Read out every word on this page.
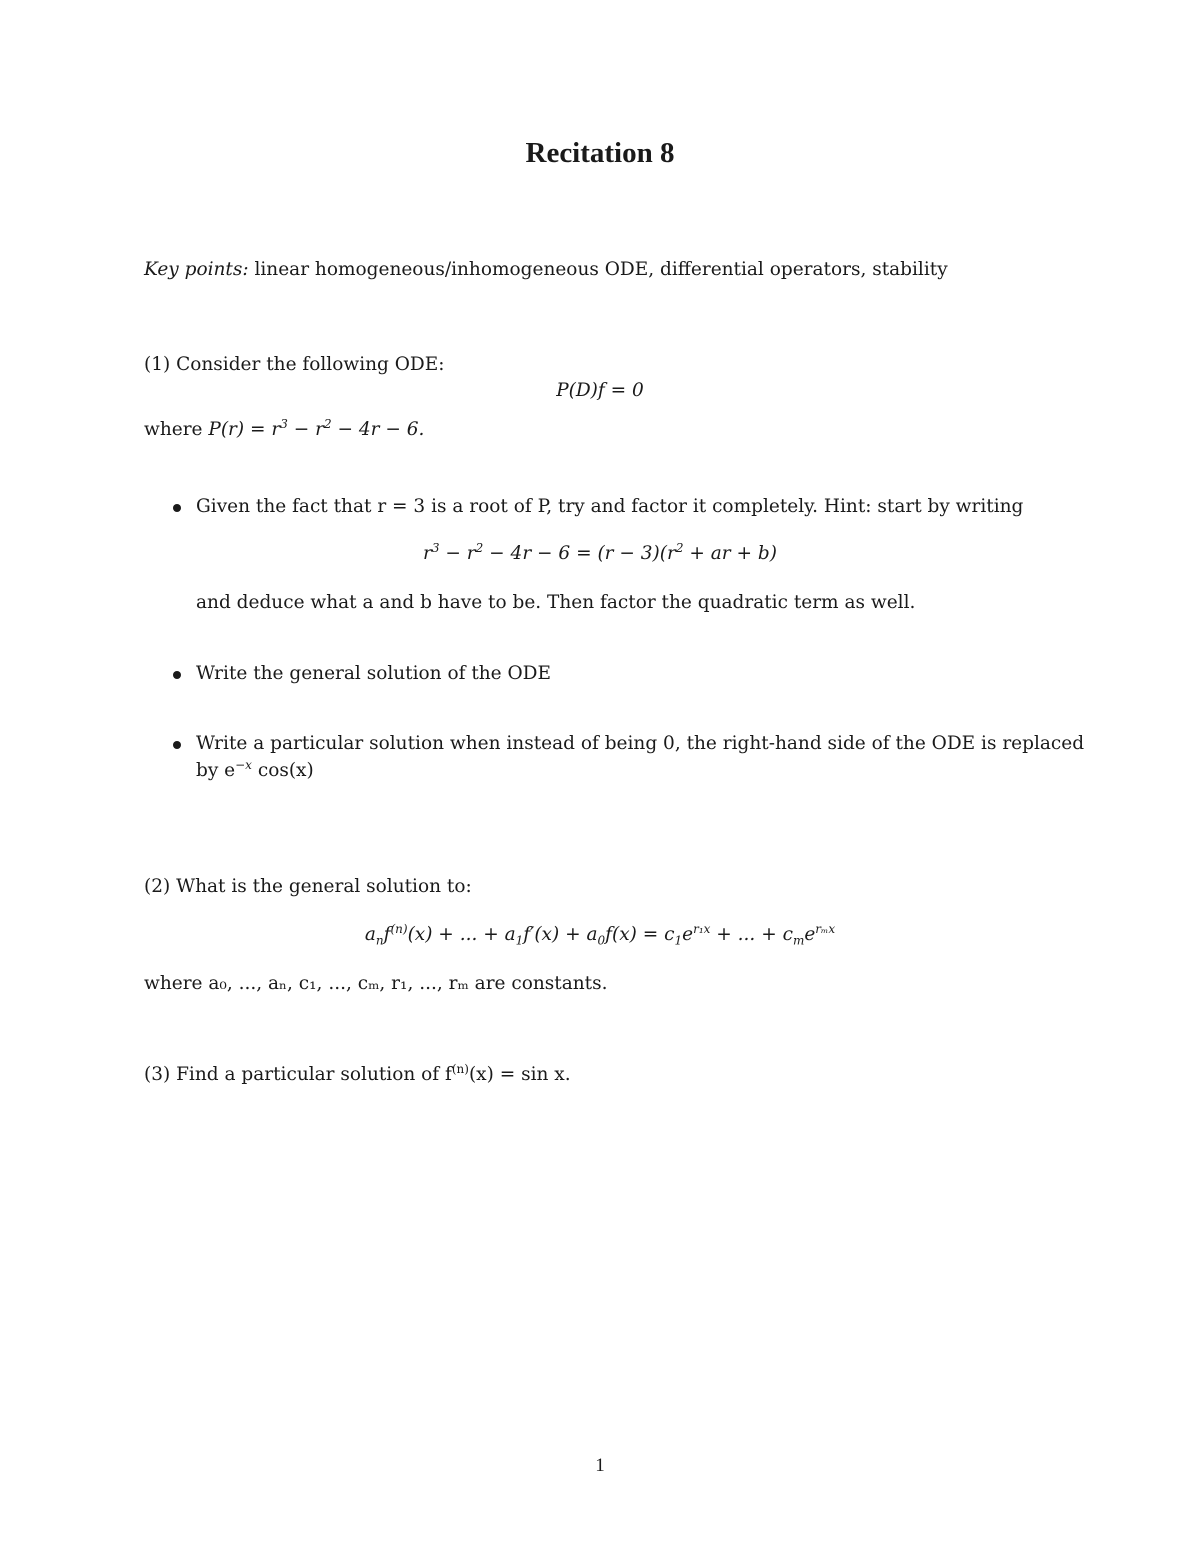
Recitation 8
Key points: linear homogeneous/inhomogeneous ODE, differential operators, stability
(1) Consider the following ODE:
P(D)f = 0
where $P(r) = r^3 - r^2 - 4r - 6$.
Given the fact that r = 3 is a root of P, try and factor it completely. Hint: start by writing
$r^3 - r^2 - 4r - 6 = (r - 3)(r^2$ + ar + b)
and deduce what a and b have to be. Then factor the quadratic term as well.
Write the general solution of the ODE
Write a particular solution when instead of being 0, the right-hand side of the ODE is replaced
by $e^{-x}$ cos(x)
(2) What is the general solution to:
$a_nf^{(n)}(x)$ + ... + $a_1f'(x) + a_0f(x) = c_1e^{r_1x}$ + ... + $c_me^{r_mx}$
where a₀, ..., aₙ, c₁, ..., cₘ, r₁, ..., rₘ are constants.
(3) Find a particular solution of $f^{(n)}(x) = \sin x$.
1
